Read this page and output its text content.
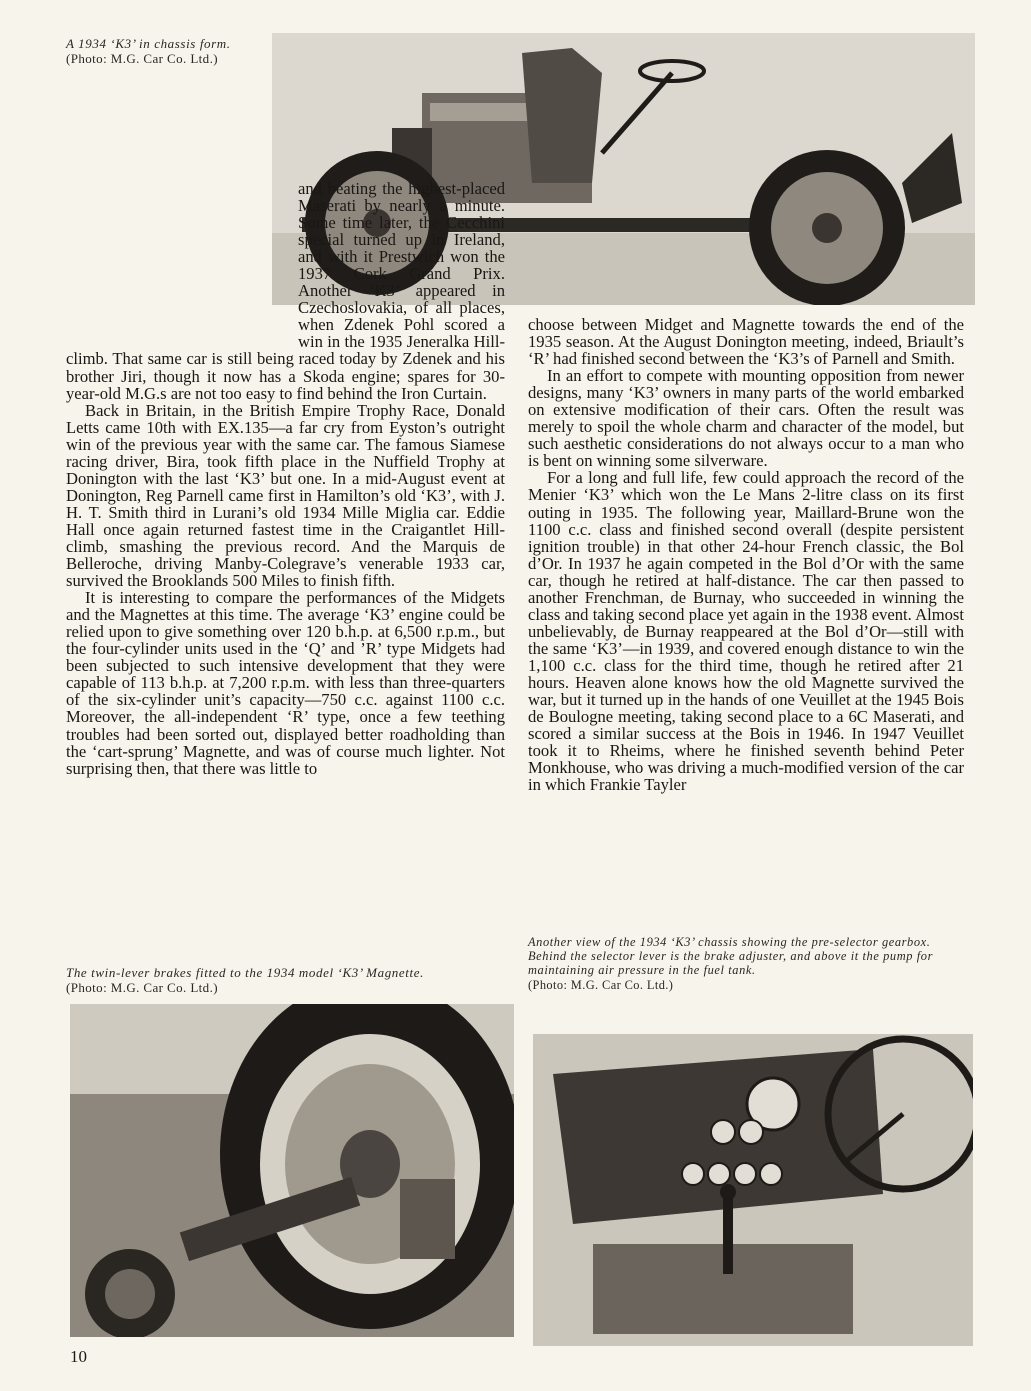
A 1934 ‘K3’ in chassis form.
(Photo: M.G. Car Co. Ltd.)

and beating the highest-placed Maserati by nearly a minute. Some time later, the Cecchini special turned up in Ireland, and with it Prestwich won the 1937 Cork Grand Prix. Another ‘K3’ appeared in Czechoslovakia, of all places, when Zdenek Pohl scored a win in the 1935 Jeneralka Hill-climb. That same car is still being raced today by Zdenek and his brother Jiri, though it now has a Skoda engine; spares for 30-year-old M.G.s are not too easy to find behind the Iron Curtain.

Back in Britain, in the British Empire Trophy Race, Donald Letts came 10th with EX.135—a far cry from Eyston’s outright win of the previous year with the same car. The famous Siamese racing driver, Bira, took fifth place in the Nuffield Trophy at Donington with the last ‘K3’ but one. In a mid-August event at Donington, Reg Parnell came first in Hamilton’s old ‘K3’, with J. H. T. Smith third in Lurani’s old 1934 Mille Miglia car. Eddie Hall once again returned fastest time in the Craigantlet Hill-climb, smashing the previous record. And the Marquis de Belleroche, driving Manby-Colegrave’s venerable 1933 car, survived the Brooklands 500 Miles to finish fifth.

It is interesting to compare the performances of the Midgets and the Magnettes at this time. The average ‘K3’ engine could be relied upon to give something over 120 b.h.p. at 6,500 r.p.m., but the four-cylinder units used in the ‘Q’ and ’R’ type Midgets had been subjected to such intensive development that they were capable of 113 b.h.p. at 7,200 r.p.m. with less than three-quarters of the six-cylinder unit’s capacity—750 c.c. against 1100 c.c. Moreover, the all-independent ‘R’ type, once a few teething troubles had been sorted out, displayed better roadholding than the ‘cart-sprung’ Magnette, and was of course much lighter. Not surprising then, that there was little to

choose between Midget and Magnette towards the end of the 1935 season. At the August Donington meeting, indeed, Briault’s ‘R’ had finished second between the ‘K3’s of Parnell and Smith.

In an effort to compete with mounting opposition from newer designs, many ‘K3’ owners in many parts of the world embarked on extensive modification of their cars. Often the result was merely to spoil the whole charm and character of the model, but such aesthetic considerations do not always occur to a man who is bent on winning some silverware.

For a long and full life, few could approach the record of the Menier ‘K3’ which won the Le Mans 2-litre class on its first outing in 1935. The following year, Maillard-Brune won the 1100 c.c. class and finished second overall (despite persistent ignition trouble) in that other 24-hour French classic, the Bol d’Or. In 1937 he again competed in the Bol d’Or with the same car, though he retired at half-distance. The car then passed to another Frenchman, de Burnay, who succeeded in winning the class and taking second place yet again in the 1938 event. Almost unbelievably, de Burnay reappeared at the Bol d’Or—still with the same ‘K3’—in 1939, and covered enough distance to win the 1,100 c.c. class for the third time, though he retired after 21 hours. Heaven alone knows how the old Magnette survived the war, but it turned up in the hands of one Veuillet at the 1945 Bois de Boulogne meeting, taking second place to a 6C Maserati, and scored a similar success at the Bois in 1946. In 1947 Veuillet took it to Rheims, where he finished seventh behind Peter Monkhouse, who was driving a much-modified version of the car in which Frankie Tayler

The twin-lever brakes fitted to the 1934 model ‘K3’ Magnette.
(Photo: M.G. Car Co. Ltd.)
Another view of the 1934 ‘K3’ chassis showing the pre-selector gearbox. Behind the selector lever is the brake adjuster, and above it the pump for maintaining air pressure in the fuel tank.
(Photo: M.G. Car Co. Ltd.)
10
